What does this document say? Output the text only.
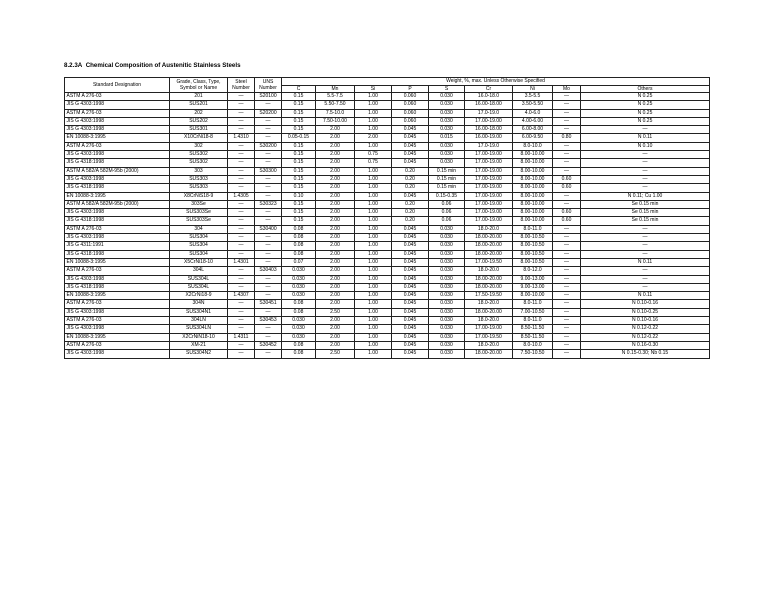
8.2.3A Chemical Composition of Austenitic Stainless Steels
Standard Designation	Grade, Class, Type, Symbol or Name	Steel Number	UNS Number	Weight, %, max. Unless Otherwise Specified								
				C	Mn	Si	P	S	Cr	Ni	Mo	Others
ASTM A 276-03	201	—	S20100	0.15	5.5-7.5	1.00	0.060	0.030	16.0-18.0	3.5-5.5	—	N 0.25
JIS G 4303:1998	SUS201	—	—	0.15	5.50-7.50	1.00	0.060	0.030	16.00-18.00	3.50-5.50	—	N 0.25
ASTM A 276-03	202	—	S20200	0.15	7.5-10.0	1.00	0.060	0.030	17.0-19.0	4.0-6.0	—	N 0.25
JIS G 4303:1998	SUS202	—	—	0.15	7.50-10.00	1.00	0.060	0.030	17.00-19.00	4.00-6.00	—	N 0.25
JIS G 4303:1998	SUS301	—	—	0.15	2.00	1.00	0.045	0.030	16.00-18.00	6.00-8.00	—	—
EN 10088-3:1995	X10CrNi18-8	1.4310	—	0.05-0.15	2.00	2.00	0.045	0.015	16.00-19.00	6.00-9.50	0.80	N 0.11
ASTM A 276-03	302	—	S30200	0.15	2.00	1.00	0.045	0.030	17.0-19.0	8.0-10.0	—	N 0.10
JIS G 4303:1998	SUS302	—	—	0.15	2.00	0.75	0.045	0.030	17.00-19.00	8.00-10.00	—	—
JIS G 4318:1998	SUS302	—	—	0.15	2.00	0.75	0.045	0.030	17.00-19.00	8.00-10.00	—	—
ASTM A 582/A 582M-95b (2000)	303	—	S30300	0.15	2.00	1.00	0.20	0.15 min	17.00-19.00	8.00-10.00	—	—
JIS G 4303:1998	SUS303	—	—	0.15	2.00	1.00	0.20	0.15 min	17.00-19.00	8.00-10.00	0.60	—
JIS G 4318:1998	SUS303	—	—	0.15	2.00	1.00	0.20	0.15 min	17.00-19.00	8.00-10.00	0.60	—
EN 10088-3:1995	X8CrNiS18-9	1.4305	—	0.10	2.00	1.00	0.045	0.15-0.35	17.00-19.00	8.00-10.00	—	N 0.11; Cu 1.00
ASTM A 582/A 582M-95b (2000)	303Se	—	S30323	0.15	2.00	1.00	0.20	0.06	17.00-19.00	8.00-10.00	—	Se 0.15 min
JIS G 4303:1998	SUS303Se	—	—	0.15	2.00	1.00	0.20	0.06	17.00-19.00	8.00-10.00	0.60	Se 0.15 min
JIS G 4318:1998	SUS303Se	—	—	0.15	2.00	1.00	0.20	0.06	17.00-19.00	8.00-10.00	0.60	Se 0.15 min
ASTM A 276-03	304	—	S30400	0.08	2.00	1.00	0.045	0.030	18.0-20.0	8.0-11.0	—	—
JIS G 4303:1998	SUS304	—	—	0.08	2.00	1.00	0.045	0.030	18.00-20.00	8.00-10.50	—	—
JIS G 4311:1991	SUS304	—	—	0.08	2.00	1.00	0.045	0.030	18.00-20.00	8.00-10.50	—	—
JIS G 4318:1998	SUS304	—	—	0.08	2.00	1.00	0.045	0.030	18.00-20.00	8.00-10.50	—	—
EN 10088-3:1995	X5CrNi18-10	1.4301	—	0.07	2.00	1.00	0.045	0.030	17.00-19.50	8.00-10.50	—	N 0.11
ASTM A 276-03	304L	—	S30403	0.030	2.00	1.00	0.045	0.030	18.0-20.0	8.0-12.0	—	—
JIS G 4303:1998	SUS304L	—	—	0.030	2.00	1.00	0.045	0.030	18.00-20.00	9.00-13.00	—	—
JIS G 4318:1998	SUS304L	—	—	0.030	2.00	1.00	0.045	0.030	18.00-20.00	9.00-13.00	—	—
EN 10088-3:1995	X2CrNi18-9	1.4307	—	0.030	2.00	1.00	0.045	0.030	17.50-19.50	8.00-10.00	—	N 0.11
ASTM A 276-03	304N	—	S30451	0.08	2.00	1.00	0.045	0.030	18.0-20.0	8.0-11.0	—	N 0.10-0.16
JIS G 4303:1998	SUS304N1	—	—	0.08	2.50	1.00	0.045	0.030	18.00-20.00	7.00-10.50	—	N 0.10-0.25
ASTM A 276-03	304LN	—	S30453	0.030	2.00	1.00	0.045	0.030	18.0-20.0	8.0-11.0	—	N 0.10-0.16
JIS G 4303:1998	SUS304LN	—	—	0.030	2.00	1.00	0.045	0.030	17.00-19.00	8.50-11.50	—	N 0.12-0.22
EN 10088-3:1995	X2CrNiN18-10	1.4311	—	0.030	2.00	1.00	0.045	0.030	17.00-19.50	8.50-11.50	—	N 0.12-0.22
ASTM A 276-03	XM-21	—	S30452	0.08	2.00	1.00	0.045	0.030	18.0-20.0	8.0-10.0	—	N 0.16-0.30
JIS G 4303:1998	SUS304N2	—	—	0.08	2.50	1.00	0.045	0.030	18.00-20.00	7.50-10.50	—	N 0.15-0.30; Nb 0.15
